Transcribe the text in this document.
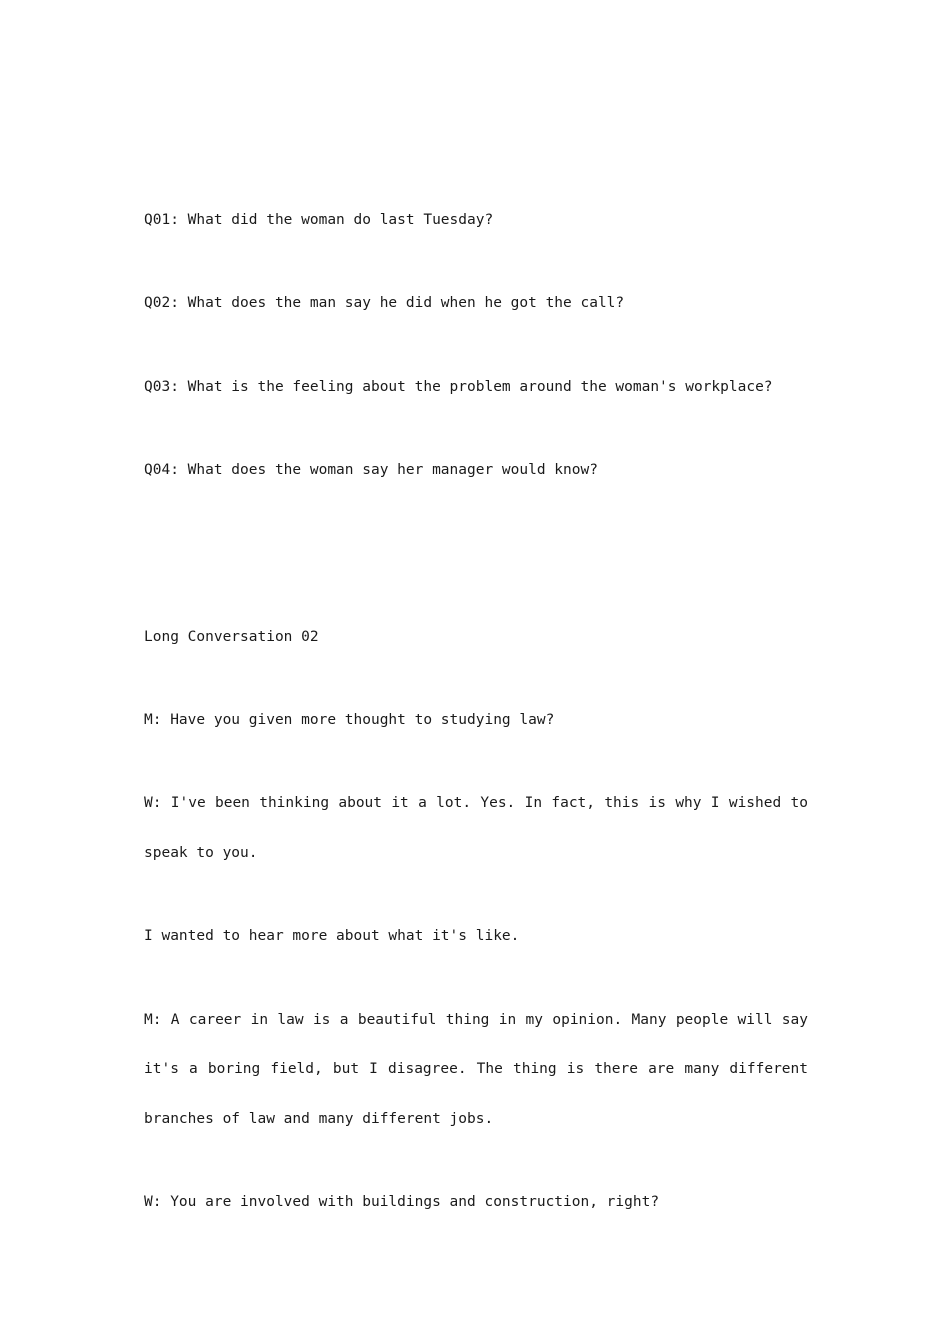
Q01: What did the woman do last Tuesday?
Q02: What does the man say he did when he got the call?
Q03: What is the feeling about the problem around the woman's workplace?
Q04: What does the woman say her manager would know?
Long Conversation 02
M: Have you given more thought to studying law?
W: I've been thinking about it a lot. Yes. In fact, this is why I wished to
speak to you.
I wanted to hear more about what it's like.
M: A career in law is a beautiful thing in my opinion. Many people will say
it's a boring field, but I disagree. The thing is there are many different
branches of law and many different jobs.
W: You are involved with buildings and construction, right?
